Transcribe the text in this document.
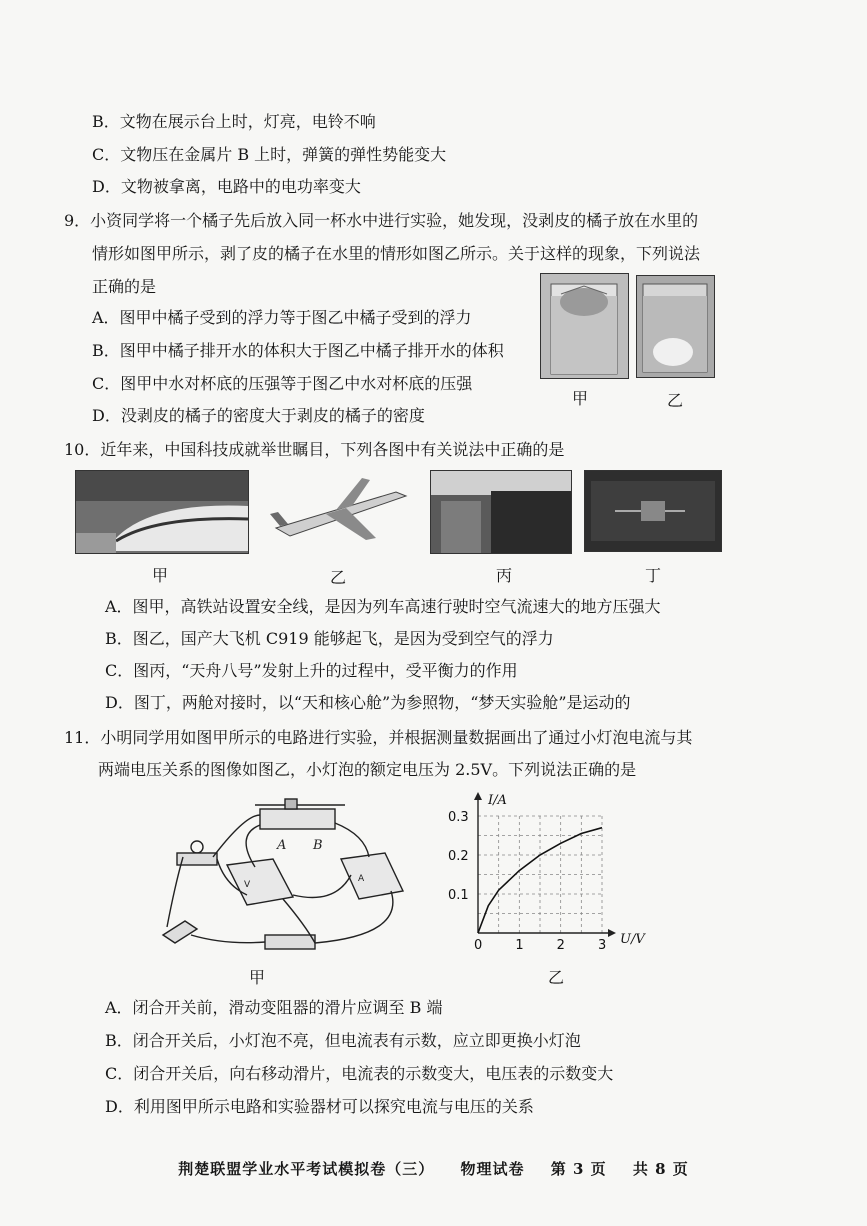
B．文物在展示台上时，灯亮，电铃不响
C．文物压在金属片 B 上时，弹簧的弹性势能变大
D．文物被拿离，电路中的电功率变大
9．小资同学将一个橘子先后放入同一杯水中进行实验，她发现，没剥皮的橘子放在水里的
情形如图甲所示，剥了皮的橘子在水里的情形如图乙所示。关于这样的现象，下列说法
正确的是
A．图甲中橘子受到的浮力等于图乙中橘子受到的浮力
B．图甲中橘子排开水的体积大于图乙中橘子排开水的体积
C．图甲中水对杯底的压强等于图乙中水对杯底的压强
D．没剥皮的橘子的密度大于剥皮的橘子的密度
甲	乙
10．近年来，中国科技成就举世瞩目，下列各图中有关说法中正确的是
甲	乙	丙	丁
A．图甲，高铁站设置安全线，是因为列车高速行驶时空气流速大的地方压强大
B．图乙，国产大飞机 C919 能够起飞，是因为受到空气的浮力
C．图丙，“天舟八号”发射上升的过程中，受平衡力的作用
D．图丁，两舱对接时，以“天和核心舱”为参照物，“梦天实验舱”是运动的
11．小明同学用如图甲所示的电路进行实验，并根据测量数据画出了通过小灯泡电流与其
两端电压关系的图像如图乙，小灯泡的额定电压为 2.5V。下列说法正确的是
V
A
A B
甲
0	1	2	3
0.1
0.2
0.3
I/A
U/V
乙
A．闭合开关前，滑动变阻器的滑片应调至 B 端
B．闭合开关后，小灯泡不亮，但电流表有示数，应立即更换小灯泡
C．闭合开关后，向右移动滑片，电流表的示数变大，电压表的示数变大
D．利用图甲所示电路和实验器材可以探究电流与电压的关系
荆楚联盟学业水平考试模拟卷（三） 物理试卷 第 3 页 共 8 页
